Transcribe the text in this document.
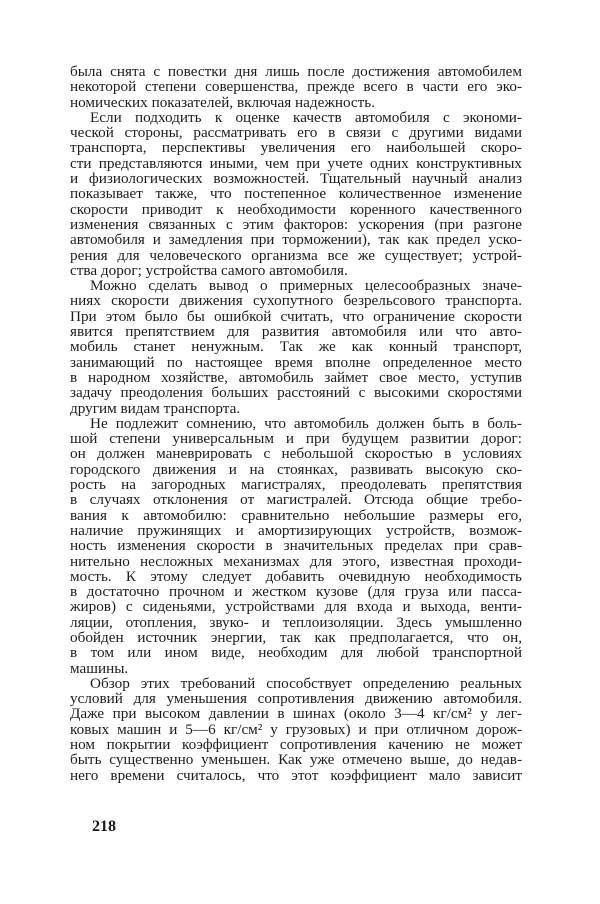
была снята с повестки дня лишь после достижения автомобилем
некоторой степени совершенства, прежде всего в части его эко-
номических показателей, включая надежность.
Если подходить к оценке качеств автомобиля с экономи-
ческой стороны, рассматривать его в связи с другими видами
транспорта, перспективы увеличения его наибольшей скоро-
сти представляются иными, чем при учете одних конструктивных
и физиологических возможностей. Тщательный научный анализ
показывает также, что постепенное количественное изменение
скорости приводит к необходимости коренного качественного
изменения связанных с этим факторов: ускорения (при разгоне
автомобиля и замедления при торможении), так как предел уско-
рения для человеческого организма все же существует; устрой-
ства дорог; устройства самого автомобиля.
Можно сделать вывод о примерных целесообразных значе-
ниях скорости движения сухопутного безрельсового транспорта.
При этом было бы ошибкой считать, что ограничение скорости
явится препятствием для развития автомобиля или что авто-
мобиль станет ненужным. Так же как конный транспорт,
занимающий по настоящее время вполне определенное место
в народном хозяйстве, автомобиль займет свое место, уступив
задачу преодоления больших расстояний с высокими скоростями
другим видам транспорта.
Не подлежит сомнению, что автомобиль должен быть в боль-
шой степени универсальным и при будущем развитии дорог:
он должен маневрировать с небольшой скоростью в условиях
городского движения и на стоянках, развивать высокую ско-
рость на загородных магистралях, преодолевать препятствия
в случаях отклонения от магистралей. Отсюда общие требо-
вания к автомобилю: сравнительно небольшие размеры его,
наличие пружинящих и амортизирующих устройств, возмож-
ность изменения скорости в значительных пределах при срав-
нительно несложных механизмах для этого, известная проходи-
мость. К этому следует добавить очевидную необходимость
в достаточно прочном и жестком кузове (для груза или пасса-
жиров) с сиденьями, устройствами для входа и выхода, венти-
ляции, отопления, звуко- и теплоизоляции. Здесь умышленно
обойден источник энергии, так как предполагается, что он,
в том или ином виде, необходим для любой транспортной
машины.
Обзор этих требований способствует определению реальных
условий для уменьшения сопротивления движению автомобиля.
Даже при высоком давлении в шинах (около 3—4 кг/см² у лег-
ковых машин и 5—6 кг/см² у грузовых) и при отличном дорож-
ном покрытии коэффициент сопротивления качению не может
быть существенно уменьшен. Как уже отмечено выше, до недав-
него времени считалось, что этот коэффициент мало зависит
218
